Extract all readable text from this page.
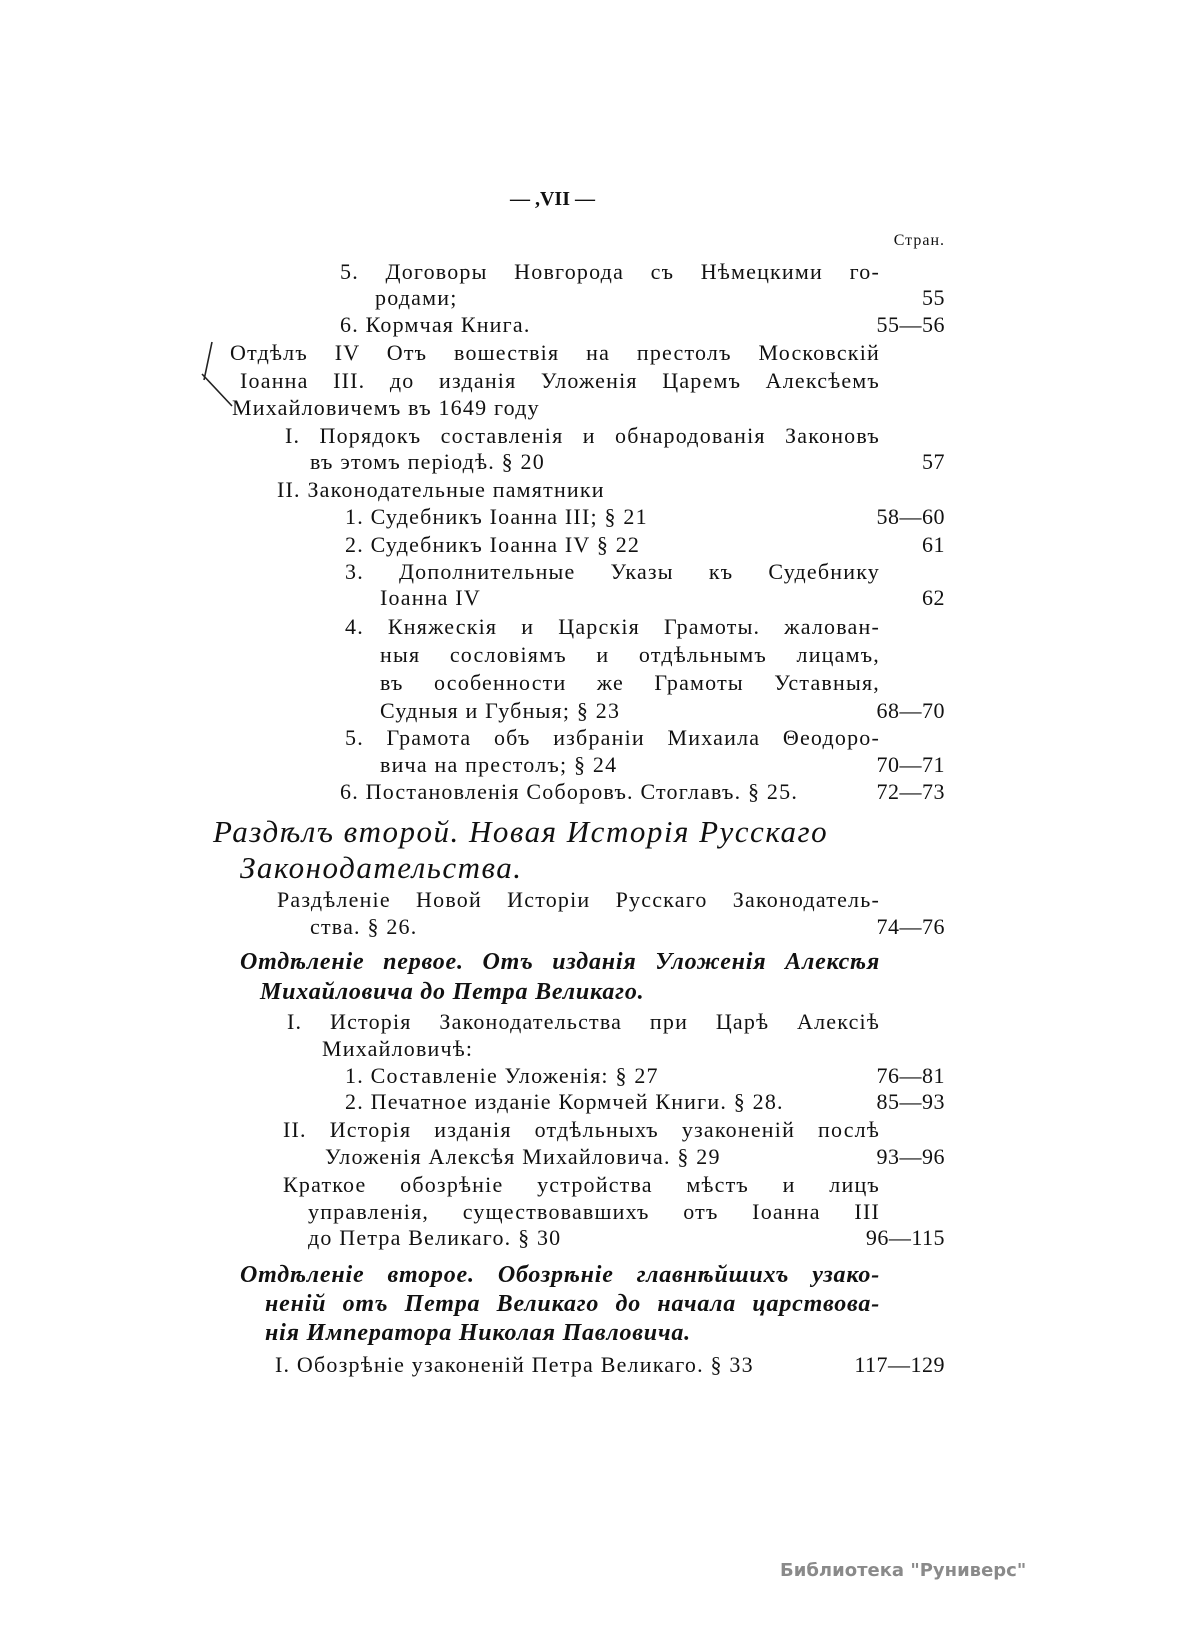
— ,VII —
Стран.
5. Договоры Новгорода съ Нѣмецкими го-
родами;	55
6. Кормчая Книга.	55—56
Отдѣлъ IV Отъ вошествія на престолъ Московскій
Іоанна III. до изданія Уложенія Царемъ Алексѣемъ
Михайловичемъ въ 1649 году
I. Порядокъ составленія и обнародованія Законовъ
въ этомъ періодѣ. § 20	57
II. Законодательные памятники
1. Судебникъ Іоанна III; § 21	58—60
2. Судебникъ Іоанна IV § 22	61
3. Дополнительные Указы къ Судебнику
Іоанна IV	62
4. Княжескія и Царскія Грамоты. жалован-
ныя сословіямъ и отдѣльнымъ лицамъ,
въ особенности же Грамоты Уставныя,
Судныя и Губныя; § 23	68—70
5. Грамота объ избраніи Михаила Θеодоро-
вича на престолъ; § 24	70—71
6. Постановленія Соборовъ. Стоглавъ. § 25.	72—73
Раздѣлъ второй. Новая Исторія Русскаго
Законодательства.
Раздѣленіе Новой Исторіи Русскаго Законодатель-
ства. § 26.	74—76
Отдѣленіе первое. Отъ изданія Уложенія Алексѣя
Михайловича до Петра Великаго.
I. Исторія Законодательства при Царѣ Алексіѣ
Михайловичѣ:
1. Составленіе Уложенія: § 27	76—81
2. Печатное изданіе Кормчей Книги. § 28.	85—93
II. Исторія изданія отдѣльныхъ узаконеній послѣ
Уложенія Алексѣя Михайловича. § 29	93—96
Краткое обозрѣніе устройства мѣстъ и лицъ
управленія, существовавшихъ отъ Іоанна III
до Петра Великаго. § 30	96—115
Отдѣленіе второе. Обозрѣніе главнѣйшихъ узако-
неній отъ Петра Великаго до начала царствова-
нія Императора Николая Павловича.
I. Обозрѣніе узаконеній Петра Великаго. § 33	117—129
Библиотека "Руниверс"
